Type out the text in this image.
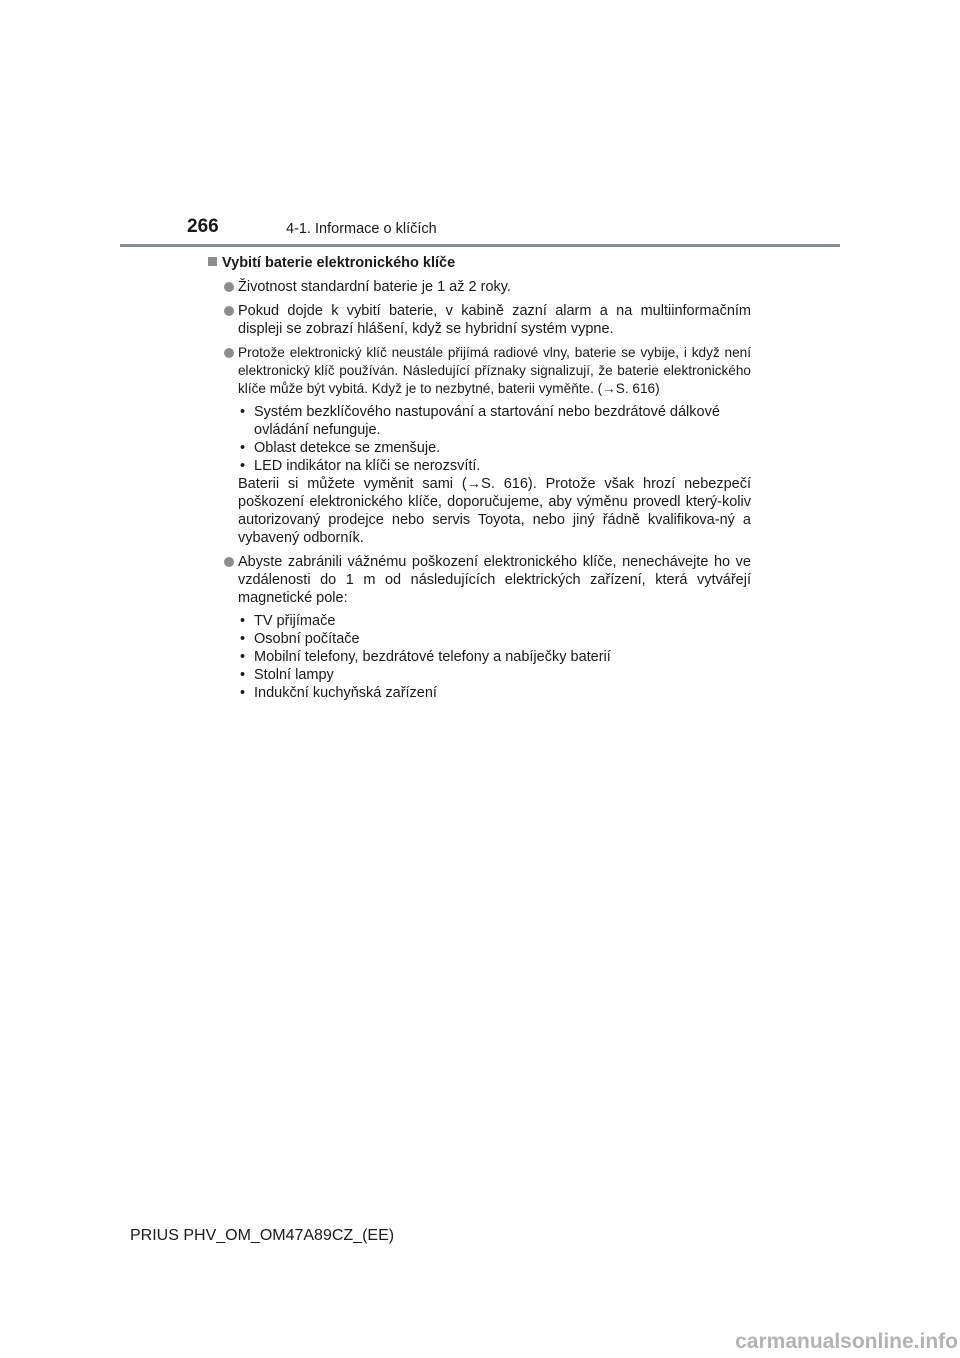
266	4-1. Informace o klíčích

Vybití baterie elektronického klíče

Životnost standardní baterie je 1 až 2 roky.
Pokud dojde k vybití baterie, v kabině zazní alarm a na multiinformačním displeji se zobrazí hlášení, když se hybridní systém vypne.
Protože elektronický klíč neustále přijímá radiové vlny, baterie se vybije, i když není elektronický klíč používán. Následující příznaky signalizují, že baterie elektronického klíče může být vybitá. Když je to nezbytné, baterii vyměňte. (→S. 616)
• Systém bezklíčového nastupování a startování nebo bezdrátové dálkové ovládání nefunguje.
• Oblast detekce se zmenšuje.
• LED indikátor na klíči se nerozsvítí.
Baterii si můžete vyměnit sami (→S. 616). Protože však hrozí nebezpečí poškození elektronického klíče, doporučujeme, aby výměnu provedl který-koliv autorizovaný prodejce nebo servis Toyota, nebo jiný řádně kvalifikova-ný a vybavený odborník.
Abyste zabránili vážnému poškození elektronického klíče, nenechávejte ho ve vzdálenosti do 1 m od následujících elektrických zařízení, která vytvářejí magnetické pole:
• TV přijímače
• Osobní počítače
• Mobilní telefony, bezdrátové telefony a nabíječky baterií
• Stolní lampy
• Indukční kuchyňská zařízení
PRIUS PHV_OM_OM47A89CZ_(EE)
carmanualsonline.info
